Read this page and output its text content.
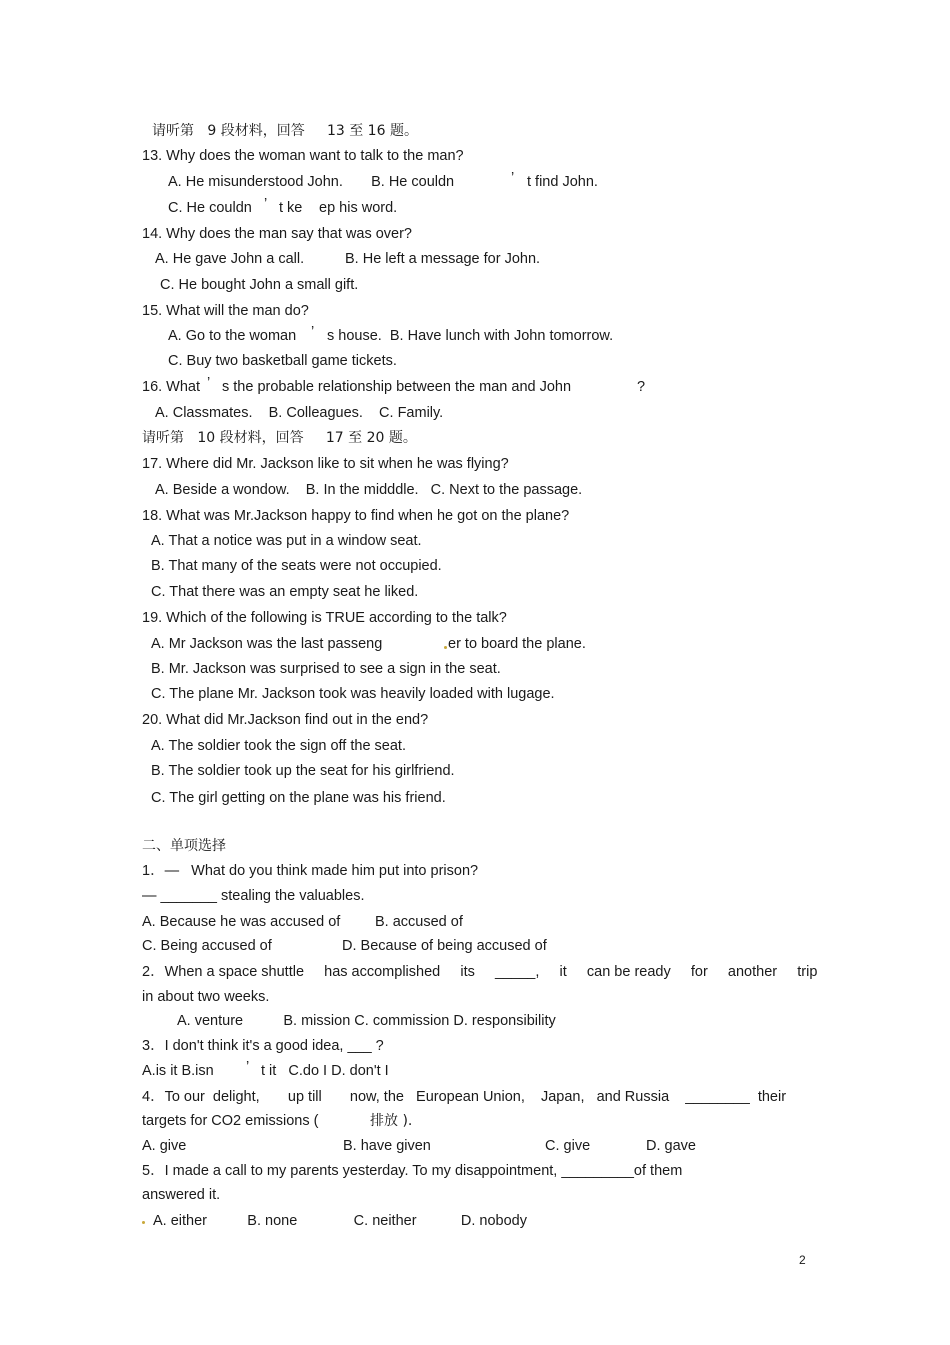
请听第   9 段材料，回答     13 至 16 题。
13. Why does the woman want to talk to the man?
A. He misunderstood John.       B. He couldn	’ t find John.
C. He couldn ’ t ke ep his word.
14. Why does the man say that was over?
A. He gave John a call.	B. He left a message for John.
C. He bought John a small gift.
15. What will the man do?
A. Go to the woman ’ s house.  B. Have lunch with John tomorrow.
C. Buy two basketball game tickets.
16. What ’ s the probable relationship between the man and John	?
A. Classmates.    B. Colleagues.    C. Family.
请听第   10 段材料，回答     17 至 20 题。
17. Where did Mr. Jackson like to sit when he was flying?
A. Beside a wondow.    B. In the midddle.   C. Next to the passage.
18. What was Mr.Jackson happy to find when he got on the plane?
A. That a notice was put in a window seat.
B. That many of the seats were not occupied.
C. That there was an empty seat he liked.
19. Which of the following is TRUE according to the talk?
A. Mr Jackson was the last passeng	er to board the plane.
B. Mr. Jackson was surprised to see a sign in the seat.
C. The plane Mr. Jackson took was heavily loaded with lugage.
20. What did Mr.Jackson find out in the end?
A. The soldier took the sign off the seat.
B. The soldier took up the seat for his girlfriend.
C. The girl getting on the plane was his friend.
二、单项选择
1．—   What do you think made him put into prison?
— _______ stealing the valuables.
A. Because he was accused of B. accused of
C. Being accused of	D. Because of being accused of
2．When a space shuttle     has accomplished     its     _____,     it     can be ready     for     another     trip
in about two weeks.
A. venture          B. mission C. commission D. responsibility
3．I don't think it's a good idea, ___ ?
A.is it B.isn ’ t it   C.do I D. don't I
4．To our  delight,       up till       now, the   European Union,    Japan,   and Russia    ________  their
targets for CO2 emissions (	排放 ).
A. give	B. have given	C. give	D. gave
5．I made a call to my parents yesterday. To my disappointment, _________of them
answered it.
A. either          B. none              C. neither           D. nobody
2
